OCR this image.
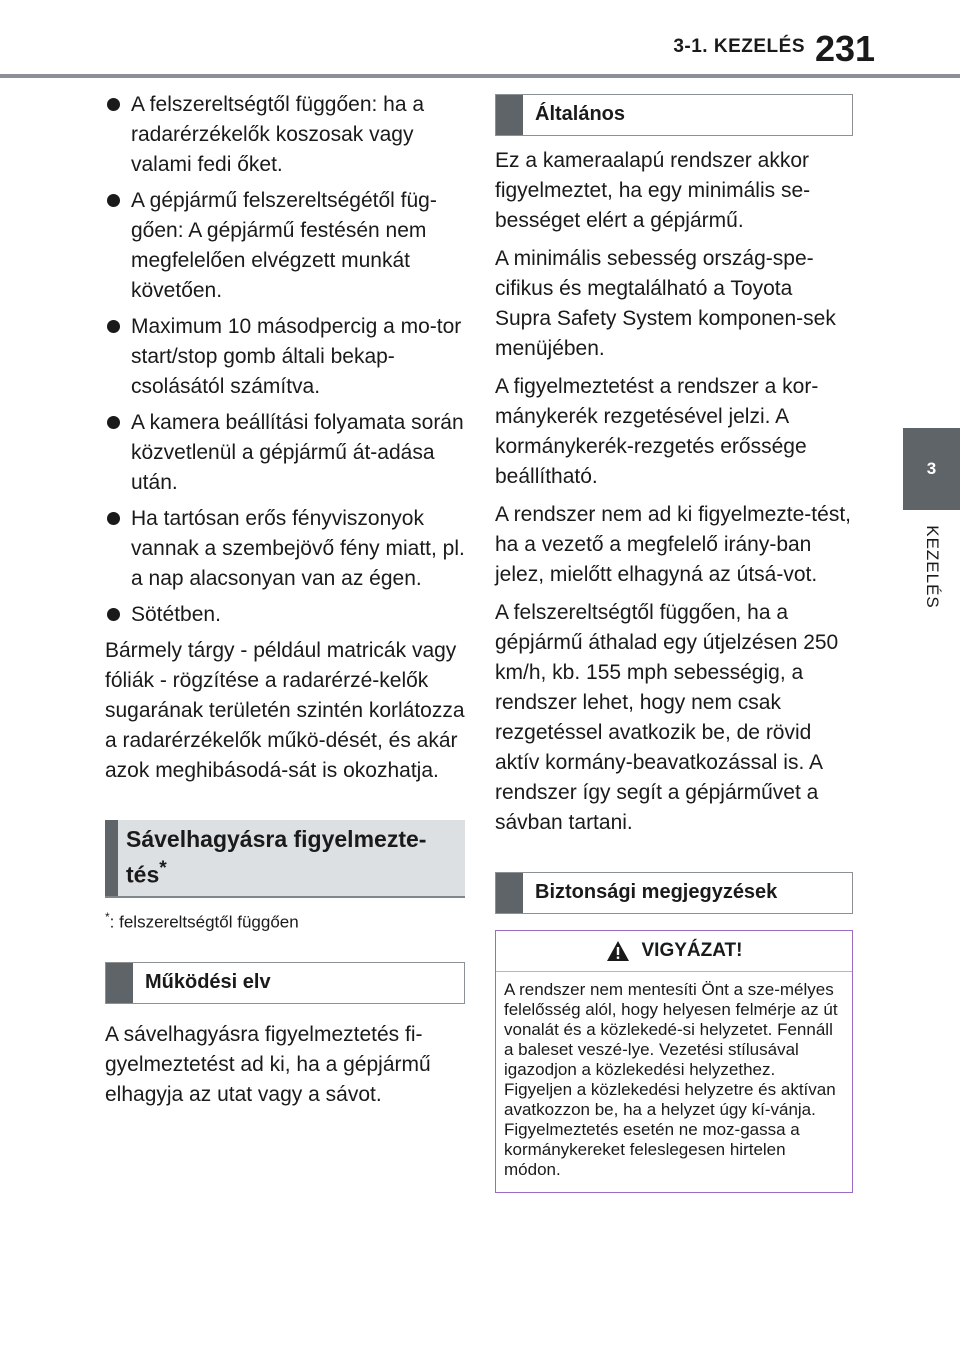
3-1. KEZELÉS 231
3
KEZELÉS
A felszereltségtől függően: ha a radarérzékelők koszosak vagy valami fedi őket.
A gépjármű felszereltségétől füg-gően: A gépjármű festésén nem megfelelően elvégzett munkát követően.
Maximum 10 másodpercig a mo-tor start/stop gomb általi bekap-csolásától számítva.
A kamera beállítási folyamata során közvetlenül a gépjármű át-adása után.
Ha tartósan erős fényviszonyok vannak a szembejövő fény miatt, pl. a nap alacsonyan van az égen.
Sötétben.

Bármely tárgy - például matricák vagy fóliák - rögzítése a radarérzé-kelők sugarának területén szintén korlátozza a radarérzékelők műkö-dését, és akár azok meghibásodá-sát is okozhatja.

Sávelhagyásra figyelmezte-tés*

*: felszereltségtől függően

Működési elv

A sávelhagyásra figyelmeztetés fi-gyelmeztetést ad ki, ha a gépjármű elhagyja az utat vagy a sávot.

Általános

Ez a kameraalapú rendszer akkor figyelmeztet, ha egy minimális se-bességet elért a gépjármű.

A minimális sebesség ország-spe-cifikus és megtalálható a Toyota Supra Safety System komponen-sek menüjében.

A figyelmeztetést a rendszer a kor-mánykerék rezgetésével jelzi. A kormánykerék-rezgetés erőssége beállítható.

A rendszer nem ad ki figyelmezte-tést, ha a vezető a megfelelő irány-ban jelez, mielőtt elhagyná az útsá-vot.

A felszereltségtől függően, ha a gépjármű áthalad egy útjelzésen 250 km/h, kb. 155 mph sebességig, a rendszer lehet, hogy nem csak rezgetéssel avatkozik be, de rövid aktív kormány-beavatkozással is. A rendszer így segít a gépjárművet a sávban tartani.

Biztonsági megjegyzések
VIGYÁZAT!
A rendszer nem mentesíti Önt a sze-mélyes felelősség alól, hogy helyesen felmérje az út vonalát és a közlekedé-si helyzetet. Fennáll a baleset veszé-lye. Vezetési stílusával igazodjon a közlekedési helyzethez. Figyeljen a közlekedési helyzetre és aktívan avatkozzon be, ha a helyzet úgy kí-vánja. Figyelmeztetés esetén ne moz-gassa a kormánykereket feleslegesen hirtelen módon.
